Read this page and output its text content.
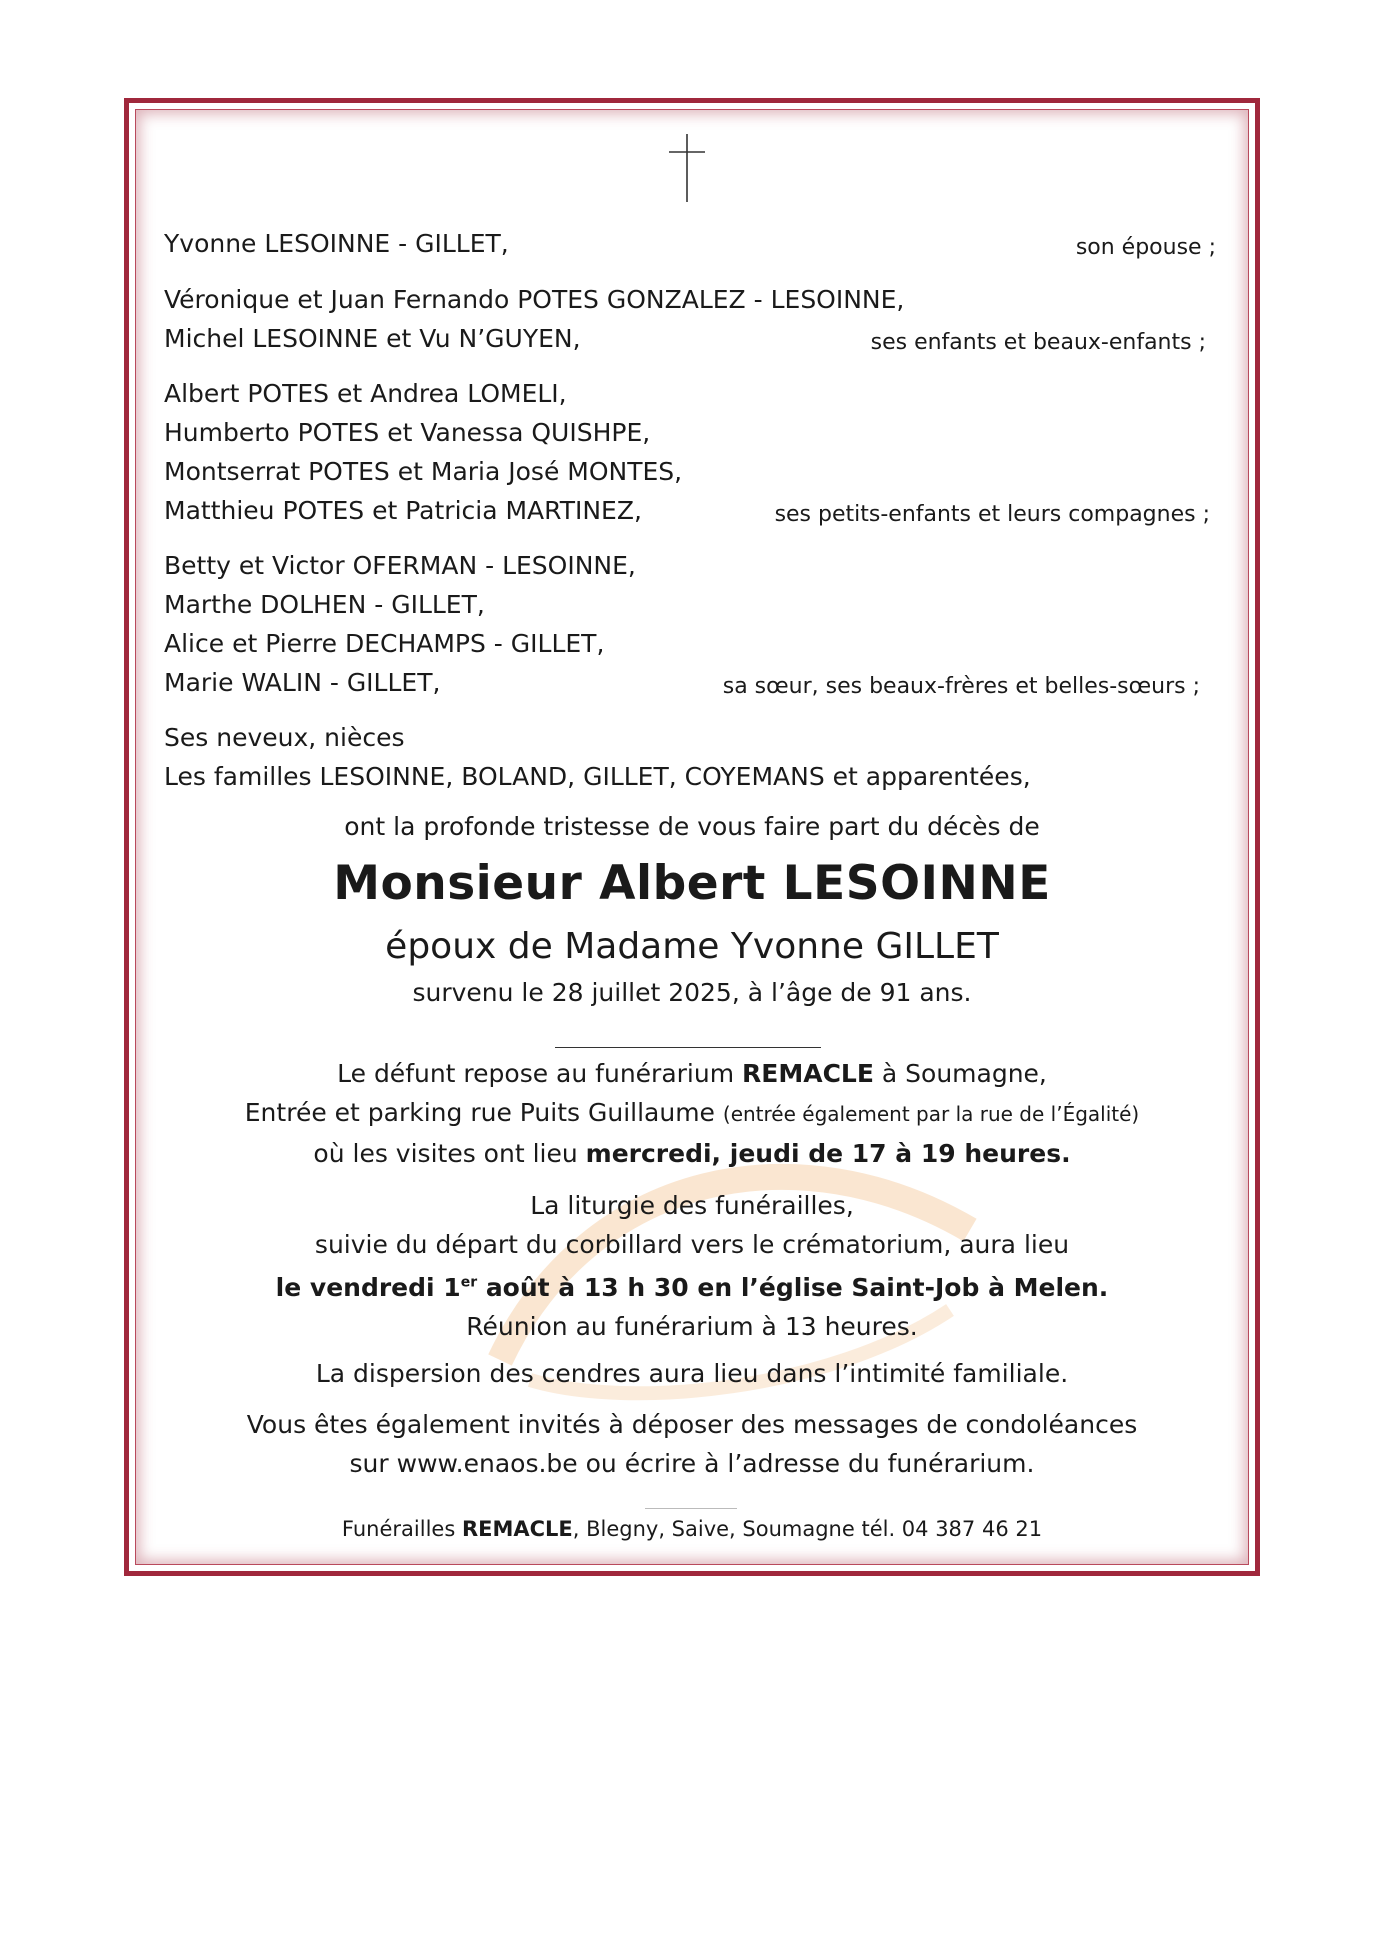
Yvonne LESOINNE - GILLET,	son épouse ;
Véronique et Juan Fernando POTES GONZALEZ - LESOINNE,
Michel LESOINNE et Vu N’GUYEN,	ses enfants et beaux-enfants ;
Albert POTES et Andrea LOMELI,
Humberto POTES et Vanessa QUISHPE,
Montserrat POTES et Maria José MONTES,
Matthieu POTES et Patricia MARTINEZ,	ses petits-enfants et leurs compagnes ;
Betty et Victor OFERMAN - LESOINNE,
Marthe DOLHEN - GILLET,
Alice et Pierre DECHAMPS - GILLET,
Marie WALIN - GILLET,	sa sœur, ses beaux-frères et belles-sœurs ;
Ses neveux, nièces
Les familles LESOINNE, BOLAND, GILLET, COYEMANS et apparentées,
ont la profonde tristesse de vous faire part du décès de
Monsieur Albert LESOINNE
époux de Madame Yvonne GILLET
survenu le 28 juillet 2025, à l’âge de 91 ans.
Le défunt repose au funérarium REMACLE à Soumagne,
Entrée et parking rue Puits Guillaume (entrée également par la rue de l’Égalité)
où les visites ont lieu mercredi, jeudi de 17 à 19 heures.
La liturgie des funérailles,
suivie du départ du corbillard vers le crématorium, aura lieu
le vendredi 1er août à 13 h 30 en l’église Saint-Job à Melen.
Réunion au funérarium à 13 heures.
La dispersion des cendres aura lieu dans l’intimité familiale.
Vous êtes également invités à déposer des messages de condoléances
sur www.enaos.be ou écrire à l’adresse du funérarium.
Funérailles REMACLE, Blegny, Saive, Soumagne tél. 04 387 46 21
